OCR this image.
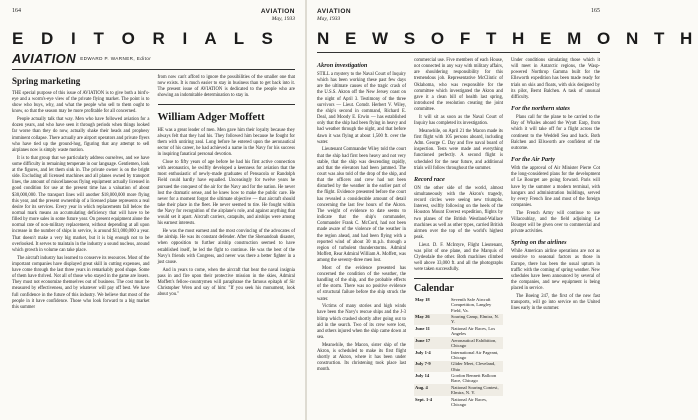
164	AVIATION
May, 1933
E D I T O R I A L S
AVIATION EDWARD P. WARNER, Editor
Spring marketing

THE special purpose of this issue of AVIATION is to give both a bird's-eye and a worm's-eye view of the private flying market. The point is to show who buys, why, and what the people who sell to them ought to know, so that the season may be more profitable for all concerned.

People actually talk that way. Men who have followed aviation for a dozen years, and who have seen it through periods when things looked far worse than they do now, actually shake their heads and prophesy imminent collapse. There actually are airport operators and private flyers who have tied up the ground-hog, figuring that any attempt to sell airplanes now is simply waste motion.

It is to that group that we particularly address ourselves, and we have some difficulty in remaining temperate in our language. Gentlemen, look at the figures, and let them sink in. The private owner is on the bright side. Excluding all licensed machines and all planes owned by transport lines, the amount of miscellaneous flying equipment actually licensed in good condition for use at the present time has a valuation of about $30,000,000. The transport lines will another $18,000,000 more flying this year, and the present ownership of a licensed plane represents a real desire for its services. Every year in which replacements fall below the normal mark means an accumulating deficiency that will have to be filled by more sales in some future year. On present equipment alone the normal rate of non-military replacement, without depending at all upon increase in the number of ships in service, is around $11,000,000 a year. That doesn't make a very big market, but it is big enough not to be overlooked. It serves to maintain in the industry a sound nucleus, around which growth in volume can take place.

The aircraft industry has learned to conserve its resources. Most of the important companies have displayed great skill in cutting expenses, and have come through the last three years in remarkably good shape. Some of them have thrived. Not all of those who stayed in the game are losers. They must not economize themselves out of business. The cost must be measured by effectiveness, and by whatever will pay off best. We have full confidence in the future of this industry. We believe that most of the people in it have confidence. Those who look forward to a big market this summer

from now can't afford to ignore the possibilities of the smaller one that now exists. It is much easier to stay in business than to get back into it. The present issue of AVIATION is dedicated to the people who are showing an indomitable determination to stay in.

William Adger Moffett

HE was a great leader of men. Men gave him their loyalty because they always felt that they had his. They followed him because he fought for them with untiring zeal. Long before he entered upon the aeronautical sector of his career, he had achieved a name in the Navy for his success in inspiring fanatical personal devotion.

Close to fifty years of age before he had his first active connection with aeronautics, he swiftly developed a keenness for aviation that the most enthusiastic of newly-made graduates of Pensacola or Randolph Field could hardly have equalled. Unceasingly for twelve years he pursued the conquest of the air for the Navy and for the nation. He never lost the dramatic sense, and he knew how to make the public care. He never for a moment forgot the ultimate objective — that aircraft should take their place in the fleet. He never seemed to tire. He fought within the Navy for recognition of the airplane's role, and against anything that would set it apart. Aircraft carriers, catapults, and airships were among his earnest interests.

He was the most earnest and the most convincing of the advocates of the airship. He was its constant defender. After the Shenandoah disaster, when opposition to further airship construction seemed to have established itself, he led the fight to continue. He was the best of the Navy's friends with Congress, and never was there a better fighter in a just cause.

And in years to come, when the aircraft that bear the naval insignia pass in and fire upon their protective mission in the skies, Admiral Moffett's fellow-countrymen will paraphrase the famous epitaph of Sir Christopher Wren and say of him: "If you seek his monument, look about you."

AVIATION
May, 1933
165
N E W S O F T H E M O N T H
Akron investigation

STILL a mystery to the Naval Court of Inquiry which has been working these past few days are the ultimate causes of the tragic crash of the U.S.S. Akron off the New Jersey coast on the night of April 3. Testimony of the three survivors — Lieut. Comdr. Herbert V. Wiley, the ship's second in command, Richard E. Deal, and Moody E. Erwin — has established only that the ship had been flying in heavy and bad weather through the night, and that before dawn it was flying at about 1,500 ft. over the water.

Lieutenant Commander Wiley told the court that the ship had first been heavy and not very stable, that the ship was descending rapidly, and that the elevators had been jammed. The court was also told of the drop of the ship, and that the officers and crew had not been disturbed by the weather in the earlier part of the flight. Evidence presented before the court has revealed a considerable amount of detail concerning the last few hours of the Akron. The weight of evidence to date seems to indicate that the ship's commander, Commander Frank C. McCord, had not been made aware of the violence of the weather in the region ahead, and had been flying with a reported wind of about 30 m.p.h. through a region of turbulent thunderstorms. Admiral Moffett, Rear Admiral William A. Moffett, was among the seventy-three men lost.

Most of the evidence presented has concerned the condition of the weather, the handling of the ship, and the probable effects of the storm. There was no positive evidence of structural failure before the ship struck the water.

Victims of many stories and high winds have been the Navy's rescue ships and the J-3 blimp which crashed shortly after going out to aid in the search. Two of its crew were lost, and others injured when the ship came down at sea.

Meanwhile, the Macon, sister ship of the Akron, is scheduled to make its first flight shortly at Akron, where it has been under construction. Its christening took place last month.

commercial use. Five members of each House, not connected in any way with military affairs, are shouldering responsibility for this tremendous job. Representative McClintic of Oklahoma, who was responsible for the committee which investigated the Akron and gave it a clean bill of health last spring, introduced the resolution creating the joint committee.

It will sit as soon as the Naval Court of Inquiry has completed its investigation.

Meanwhile, on April 21 the Macon made its first flight with 105 persons aboard, including Adm. George C. Day and five naval board of inspection. Tests were made and everything functioned perfectly. A second flight is scheduled for the near future, and additional trials will follow throughout the summer.

Record race

ON the other side of the world, almost simultaneously with the Akron's tragedy, record circles were seeing new triumphs. Interest, swiftly following on the heels of the Houston Mount Everest expedition, flights by two planes of the British Westland-Wallace machines as well as other types, carried British airmen over the top of the world's highest peak.

Lieut. D. F. McIntyre, Flight Lieutenant, was pilot of one plane, and the Marquis of Clydesdale the other. Both machines climbed well above 33,000 ft. and all the photographs were taken successfully.

Calendar
May 18	Seventh Safe Aircraft Competition, Langley Field, Va.
May 26	Soaring Camp, Elmira, N. Y.
June 11	National Air Races, Los Angeles
June 17	Aeronautical Exhibition, Chicago
July 1-4	International Air Pageant, Chicago
July 7-9	Glider Meet, Cleveland, Ohio
July 14	Gordon Bennett Balloon Race, Chicago
Aug. 4	National Soaring Contest, Elmira, N. Y.
Sept. 1-4	National Air Races, Chicago

Under conditions simulating those which it will meet in Antarctic regions, the Wasp-powered Northrop Gamma built for the Ellsworth expedition has been made ready for trials on skis and floats, with skis designed by its pilot, Bernt Balchen. A task of unusual difficulty.

For the northern states

Plans call for the plane to be carried to the Bay of Whales aboard the Wyatt Earp, from which it will take off for a flight across the continent to the Weddell Sea and back. Both Balchen and Ellsworth are confident of the outcome.

For the Air Party

With the approval of Air Minister Pierre Cot the long-considered plans for the development of Le Bourget are going forward. Paris will have by the summer a modern terminal, with hangars and administration buildings, served by every French line and most of the foreign companies.

The French Army will continue to use Villacoublay, and the field adjoining Le Bourget will be given over to commercial and private activities.

Spring on the airlines

While American airline operations are not as sensitive to seasonal factors as those in Europe, there has been the usual upturn in traffic with the coming of spring weather. New schedules have been announced by several of the companies, and new equipment is being placed in service.

The Boeing 247, the first of the new fast transports, will go into service on the United lines early in the summer.
